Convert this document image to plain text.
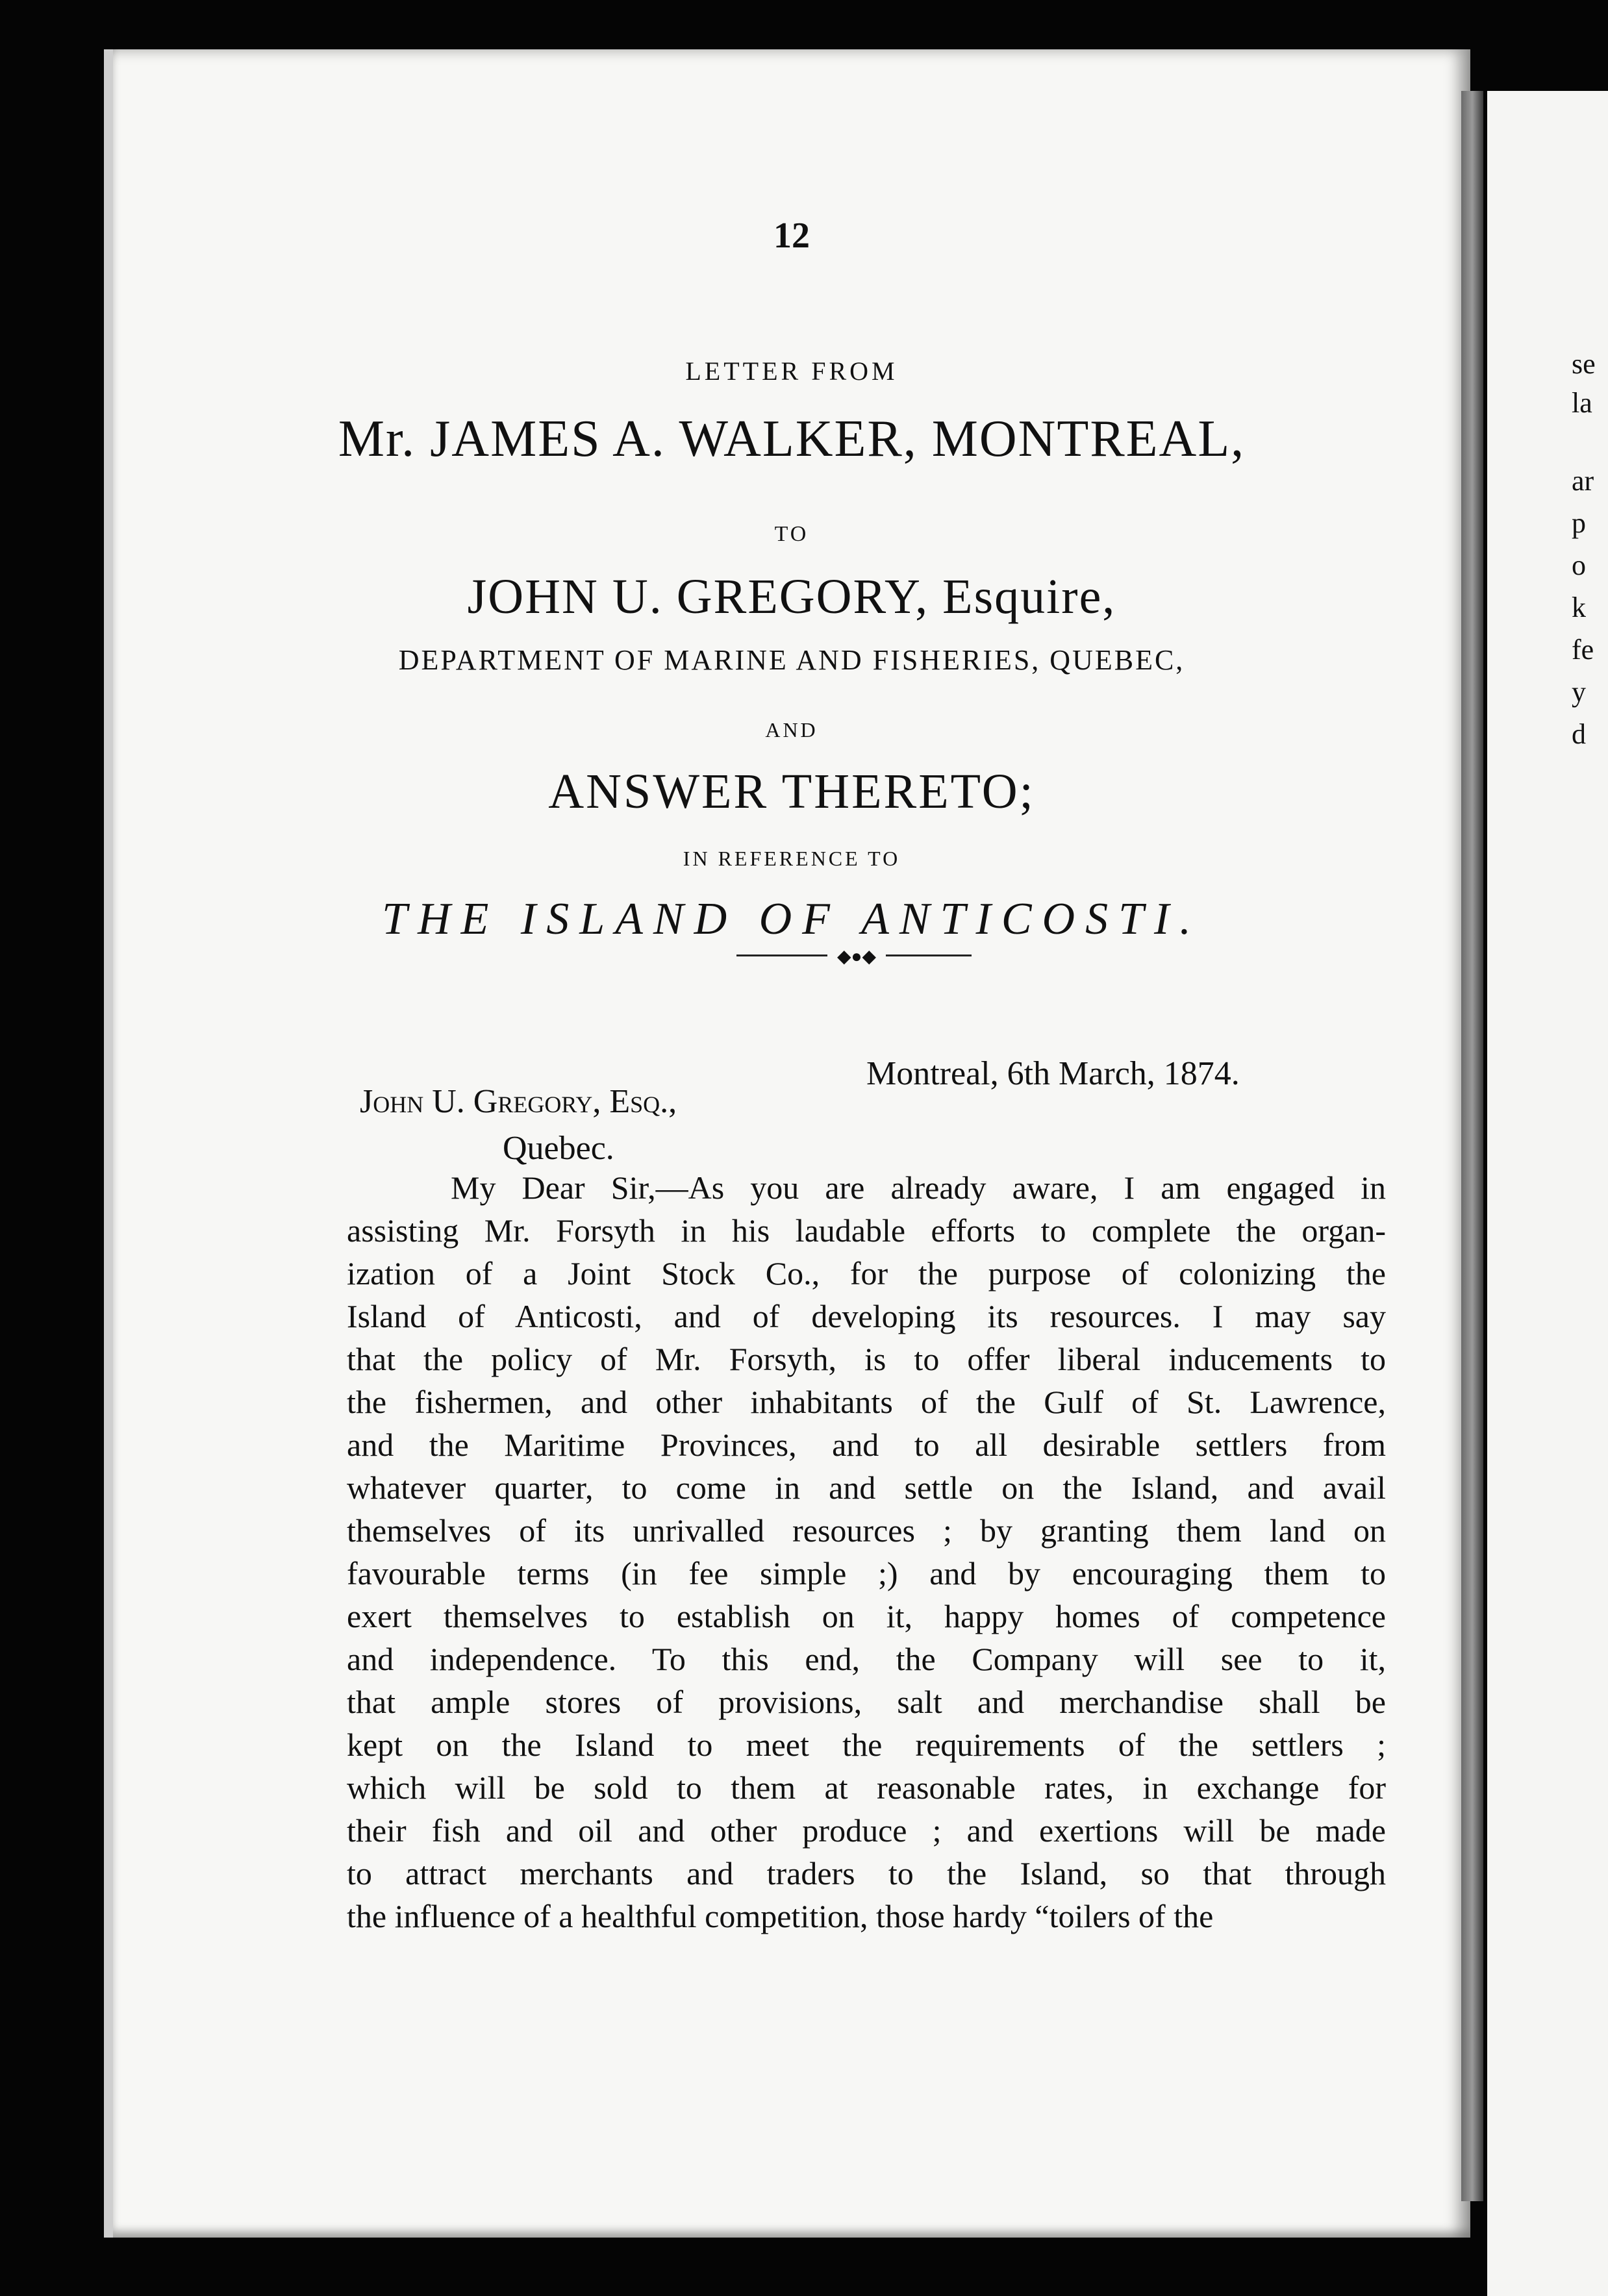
12
LETTER FROM
Mr. JAMES A. WALKER, MONTREAL,
TO
JOHN U. GREGORY, Esquire,
DEPARTMENT OF MARINE AND FISHERIES, QUEBEC,
AND
ANSWER THERETO;
IN REFERENCE TO
THE ISLAND OF ANTICOSTI.
◆●◆
Montreal, 6th March, 1874.
John U. Gregory, Esq.,
Quebec.
My Dear Sir,—As you are already aware, I am engaged in
assisting Mr. Forsyth in his laudable efforts to complete the organ-
ization of a Joint Stock Co., for the purpose of colonizing the
Island of Anticosti, and of developing its resources. I may say
that the policy of Mr. Forsyth, is to offer liberal inducements to
the fishermen, and other inhabitants of the Gulf of St. Lawrence,
and the Maritime Provinces, and to all desirable settlers from
whatever quarter, to come in and settle on the Island, and avail
themselves of its unrivalled resources ; by granting them land on
favourable terms (in fee simple ;) and by encouraging them to
exert themselves to establish on it, happy homes of competence
and independence. To this end, the Company will see to it,
that ample stores of provisions, salt and merchandise shall be
kept on the Island to meet the requirements of the settlers ;
which will be sold to them at reasonable rates, in exchange for
their fish and oil and other produce ; and exertions will be made
to attract merchants and traders to the Island, so that through
the influence of a healthful competition, those hardy “toilers of the
se
la
ar
p
o
k
fe
y
d
